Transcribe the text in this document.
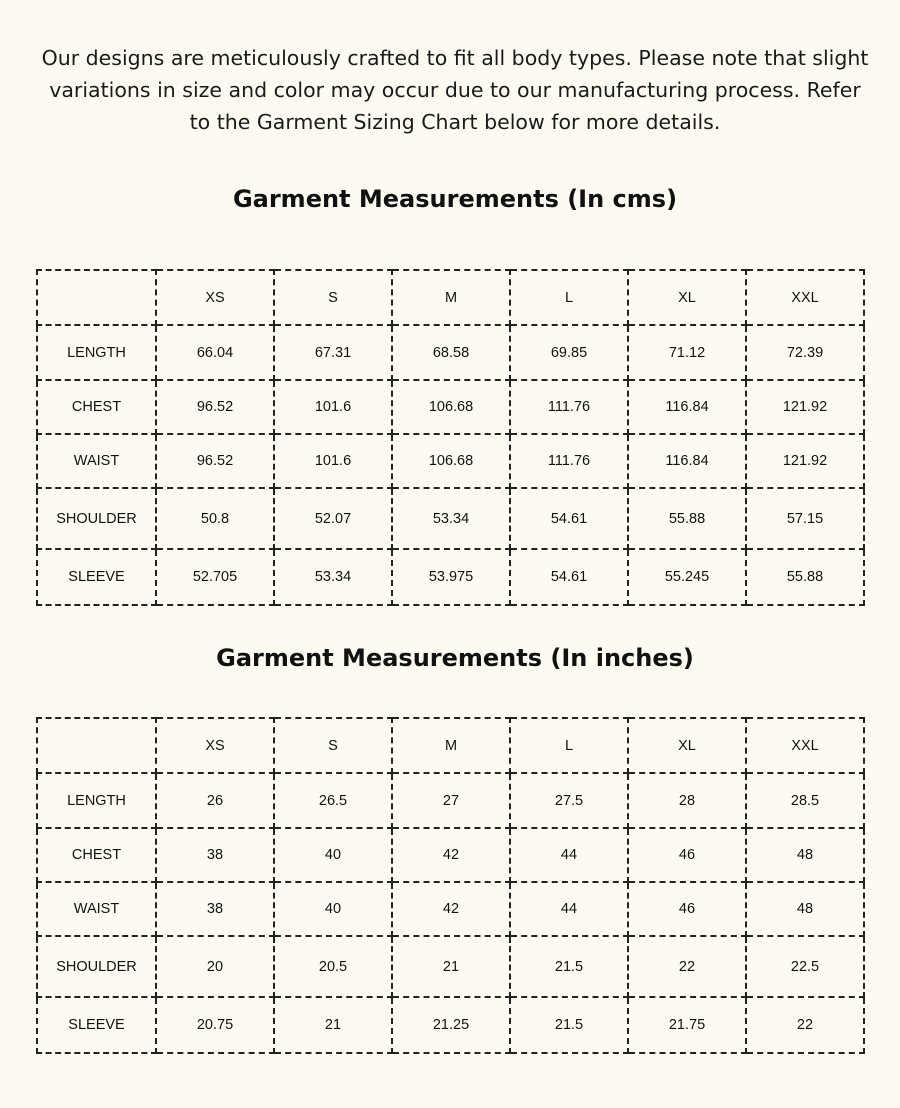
Our designs are meticulously crafted to fit all body types. Please note that slight variations in size and color may occur due to our manufacturing process. Refer to the Garment Sizing Chart below for more details.

Garment Measurements (In cms)
	XS	S	M	L	XL	XXL
LENGTH	66.04	67.31	68.58	69.85	71.12	72.39
CHEST	96.52	101.6	106.68	111.76	116.84	121.92
WAIST	96.52	101.6	106.68	111.76	116.84	121.92
SHOULDER	50.8	52.07	53.34	54.61	55.88	57.15
SLEEVE	52.705	53.34	53.975	54.61	55.245	55.88
Garment Measurements (In inches)
	XS	S	M	L	XL	XXL
LENGTH	26	26.5	27	27.5	28	28.5
CHEST	38	40	42	44	46	48
WAIST	38	40	42	44	46	48
SHOULDER	20	20.5	21	21.5	22	22.5
SLEEVE	20.75	21	21.25	21.5	21.75	22
